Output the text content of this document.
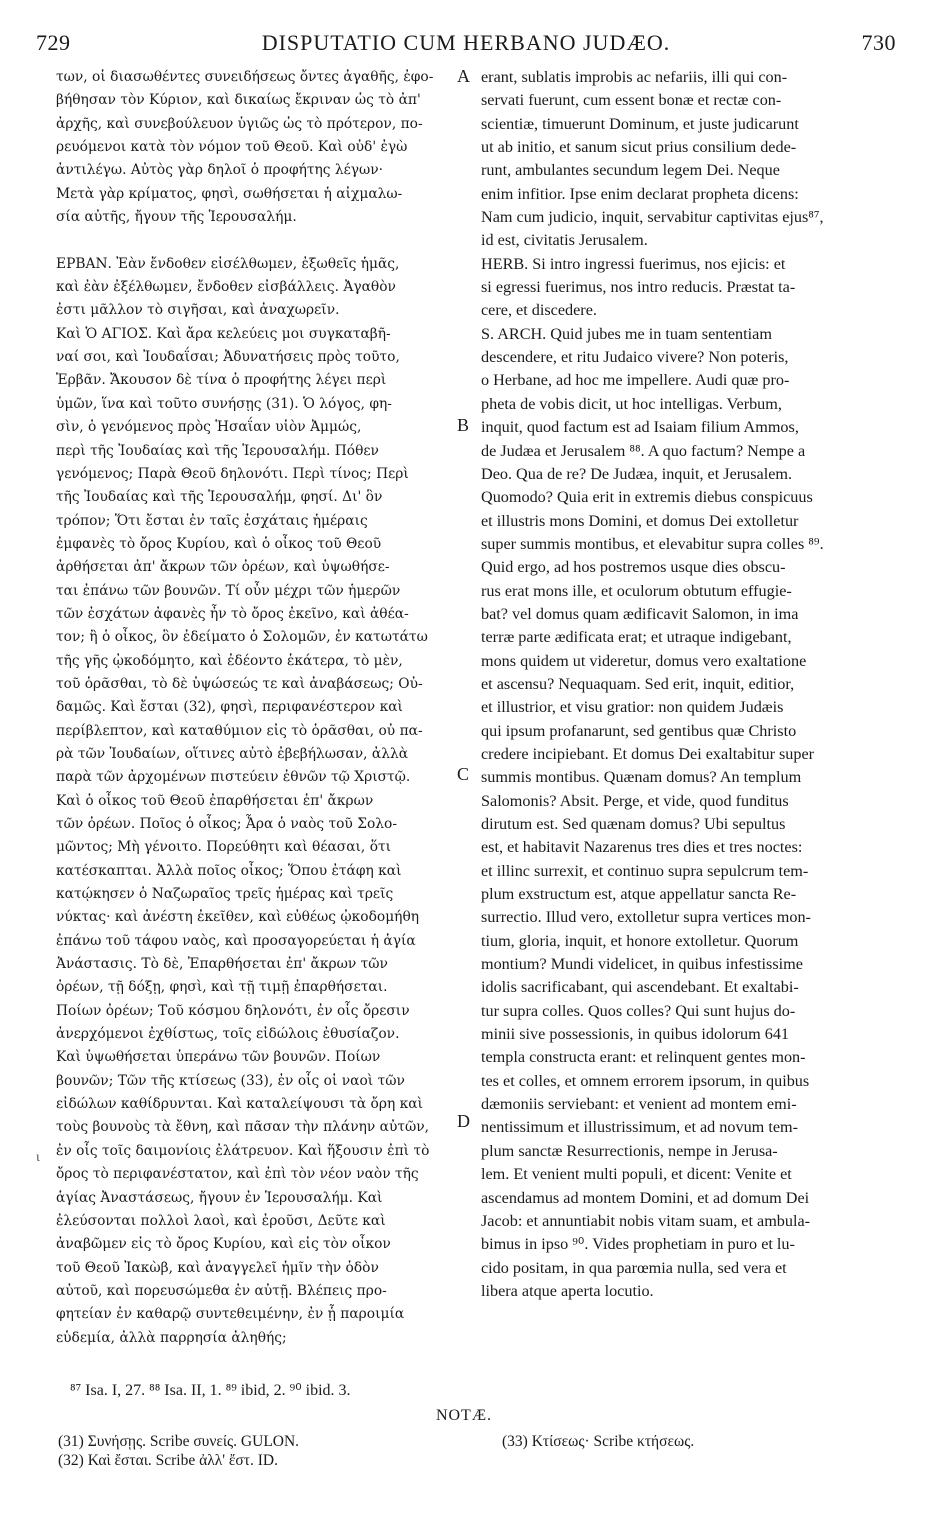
729	DISPUTATIO CUM HERBANO JUDÆO.	730
των, οἱ διασωθέντες συνειδήσεως ὄντες ἀγαθῆς, ἐφο-
βήθησαν τὸν Κύριον, καὶ δικαίως ἔκριναν ὡς τὸ ἀπ'
ἀρχῆς, καὶ συνεβούλευον ὑγιῶς ὡς τὸ πρότερον, πο-
ρευόμενοι κατὰ τὸν νόμον τοῦ Θεοῦ. Καὶ οὐδ' ἐγὼ
ἀντιλέγω. Αὐτὸς γὰρ δηλοῖ ὁ προφήτης λέγων·
Μετὰ γὰρ κρίματος, φησὶ, σωθήσεται ἡ αἰχμαλω-
σία αὐτῆς, ἤγουν τῆς Ἱερουσαλήμ.
ΕΡΒΑΝ. Ἐὰν ἔνδοθεν εἰσέλθωμεν, ἐξωθεῖς ἡμᾶς,
καὶ ἐὰν ἐξέλθωμεν, ἔνδοθεν εἰσβάλλεις. Ἀγαθὸν
ἐστι μᾶλλον τὸ σιγῆσαι, καὶ ἀναχωρεῖν.
Καὶ Ὁ ΑΓΙΟΣ. Καὶ ἄρα κελεύεις μοι συγκαταβῆ-
ναί σοι, καὶ Ἰουδαΐσαι; Ἀδυνατήσεις πρὸς τοῦτο,
Ἑρβᾶν. Ἄκουσον δὲ τίνα ὁ προφήτης λέγει περὶ
ὑμῶν, ἵνα καὶ τοῦτο συνήσῃς (31). Ὁ λόγος, φη-
σὶν, ὁ γενόμενος πρὸς Ἡσαΐαν υἱὸν Ἀμμώς,
περὶ τῆς Ἰουδαίας καὶ τῆς Ἱερουσαλήμ. Πόθεν
γενόμενος; Παρὰ Θεοῦ δηλονότι. Περὶ τίνος; Περὶ
τῆς Ἰουδαίας καὶ τῆς Ἱερουσαλήμ, φησί. Δι' ὃν
τρόπον; Ὅτι ἔσται ἐν ταῖς ἐσχάταις ἡμέραις
ἐμφανὲς τὸ ὄρος Κυρίου, καὶ ὁ οἶκος τοῦ Θεοῦ
ἀρθήσεται ἀπ' ἄκρων τῶν ὀρέων, καὶ ὑψωθήσε-
ται ἐπάνω τῶν βουνῶν. Τί οὖν μέχρι τῶν ἡμερῶν
τῶν ἐσχάτων ἀφανὲς ἦν τὸ ὄρος ἐκεῖνο, καὶ ἀθέα-
τον; ἢ ὁ οἶκος, ὃν ἐδείματο ὁ Σολομῶν, ἐν κατωτάτω
τῆς γῆς ᾠκοδόμητο, καὶ ἐδέοντο ἑκάτερα, τὸ μὲν,
τοῦ ὁρᾶσθαι, τὸ δὲ ὑψώσεώς τε καὶ ἀναβάσεως; Οὐ-
δαμῶς. Καὶ ἔσται (32), φησὶ, περιφανέστερον καὶ
περίβλεπτον, καὶ καταθύμιον εἰς τὸ ὁρᾶσθαι, οὐ πα-
ρὰ τῶν Ἰουδαίων, οἵτινες αὐτὸ ἐβεβήλωσαν, ἀλλὰ
παρὰ τῶν ἀρχομένων πιστεύειν ἐθνῶν τῷ Χριστῷ.
Καὶ ὁ οἶκος τοῦ Θεοῦ ἐπαρθήσεται ἐπ' ἄκρων
τῶν ὀρέων. Ποῖος ὁ οἶκος; Ἆρα ὁ ναὸς τοῦ Σολο-
μῶντος; Μὴ γένοιτο. Πορεύθητι καὶ θέασαι, ὅτι
κατέσκαπται. Ἀλλὰ ποῖος οἶκος; Ὅπου ἐτάφη καὶ
κατῴκησεν ὁ Ναζωραῖος τρεῖς ἡμέρας καὶ τρεῖς
νύκτας· καὶ ἀνέστη ἐκεῖθεν, καὶ εὐθέως ᾠκοδομήθη
ἐπάνω τοῦ τάφου ναὸς, καὶ προσαγορεύεται ἡ ἁγία
Ἀνάστασις. Τὸ δὲ, Ἐπαρθήσεται ἐπ' ἄκρων τῶν
ὀρέων, τῇ δόξῃ, φησὶ, καὶ τῇ τιμῇ ἐπαρθήσεται.
Ποίων ὀρέων; Τοῦ κόσμου δηλονότι, ἐν οἷς ὄρεσιν
ἀνερχόμενοι ἐχθίστως, τοῖς εἰδώλοις ἐθυσίαζον.
Καὶ ὑψωθήσεται ὑπεράνω τῶν βουνῶν. Ποίων
βουνῶν; Τῶν τῆς κτίσεως (33), ἐν οἷς οἱ ναοὶ τῶν
εἰδώλων καθίδρυνται. Καὶ καταλείψουσι τὰ ὄρη καὶ
τοὺς βουνοὺς τὰ ἔθνη, καὶ πᾶσαν τὴν πλάνην αὐτῶν,
ἐν οἷς τοῖς δαιμονίοις ἐλάτρευον. Καὶ ἥξουσιν ἐπὶ τὸ
ὄρος τὸ περιφανέστατον, καὶ ἐπὶ τὸν νέον ναὸν τῆς
ἁγίας Ἀναστάσεως, ἤγουν ἐν Ἱερουσαλήμ. Καὶ
ἐλεύσονται πολλοὶ λαοὶ, καὶ ἐροῦσι, Δεῦτε καὶ
ἀναβῶμεν εἰς τὸ ὄρος Κυρίου, καὶ εἰς τὸν οἶκον
τοῦ Θεοῦ Ἰακὼβ, καὶ ἀναγγελεῖ ἡμῖν τὴν ὁδὸν
αὐτοῦ, καὶ πορευσώμεθα ἐν αὐτῇ. Βλέπεις προ-
φητείαν ἐν καθαρῷ συντεθειμένην, ἐν ᾗ παροιμία
εὑδεμία, ἀλλὰ παρρησία ἀληθής;
erant, sublatis improbis ac nefariis, illi qui con-
servati fuerunt, cum essent bonæ et rectæ con-
scientiæ, timuerunt Dominum, et juste judicarunt
ut ab initio, et sanum sicut prius consilium dede-
runt, ambulantes secundum legem Dei. Neque
enim infitior. Ipse enim declarat propheta dicens:
Nam cum judicio, inquit, servabitur captivitas ejus⁸⁷,
id est, civitatis Jerusalem.
HERB. Si intro ingressi fuerimus, nos ejicis: et
si egressi fuerimus, nos intro reducis. Præstat ta-
cere, et discedere.
S. ARCH. Quid jubes me in tuam sententiam
descendere, et ritu Judaico vivere? Non poteris,
o Herbane, ad hoc me impellere. Audi quæ pro-
pheta de vobis dicit, ut hoc intelligas. Verbum,
inquit, quod factum est ad Isaiam filium Ammos,
de Judæa et Jerusalem ⁸⁸. A quo factum? Nempe a
Deo. Qua de re? De Judæa, inquit, et Jerusalem.
Quomodo? Quia erit in extremis diebus conspicuus
et illustris mons Domini, et domus Dei extolletur
super summis montibus, et elevabitur supra colles ⁸⁹.
Quid ergo, ad hos postremos usque dies obscu-
rus erat mons ille, et oculorum obtutum effugie-
bat? vel domus quam ædificavit Salomon, in ima
terræ parte ædificata erat; et utraque indigebant,
mons quidem ut videretur, domus vero exaltatione
et ascensu? Nequaquam. Sed erit, inquit, editior,
et illustrior, et visu gratior: non quidem Judæis
qui ipsum profanarunt, sed gentibus quæ Christo
credere incipiebant. Et domus Dei exaltabitur super
summis montibus. Quænam domus? An templum
Salomonis? Absit. Perge, et vide, quod funditus
dirutum est. Sed quænam domus? Ubi sepultus
est, et habitavit Nazarenus tres dies et tres noctes:
et illinc surrexit, et continuo supra sepulcrum tem-
plum exstructum est, atque appellatur sancta Re-
surrectio. Illud vero, extolletur supra vertices mon-
tium, gloria, inquit, et honore extolletur. Quorum
montium? Mundi videlicet, in quibus infestissime
idolis sacrificabant, qui ascendebant. Et exaltabi-
tur supra colles. Quos colles? Qui sunt hujus do-
minii sive possessionis, in quibus idolorum 641
templa constructa erant: et relinquent gentes mon-
tes et colles, et omnem errorem ipsorum, in quibus
dæmoniis serviebant: et venient ad montem emi-
nentissimum et illustrissimum, et ad novum tem-
plum sanctæ Resurrectionis, nempe in Jerusa-
lem. Et venient multi populi, et dicent: Venite et
ascendamus ad montem Domini, et ad domum Dei
Jacob: et annuntiabit nobis vitam suam, et ambula-
bimus in ipso ⁹⁰. Vides prophetiam in puro et lu-
cido positam, in qua parœmia nulla, sed vera et
libera atque aperta locutio.
A
B
C
D
ι
⁸⁷ Isa. I, 27. ⁸⁸ Isa. II, 1. ⁸⁹ ibid, 2. ⁹⁰ ibid. 3.
NOTÆ.
(31) Συνήσῃς. Scribe συνείς. GULON.
(32) Καὶ ἔσται. Scribe ἀλλ' ἔστ. ID.
(33) Κτίσεως· Scribe κτήσεως.
